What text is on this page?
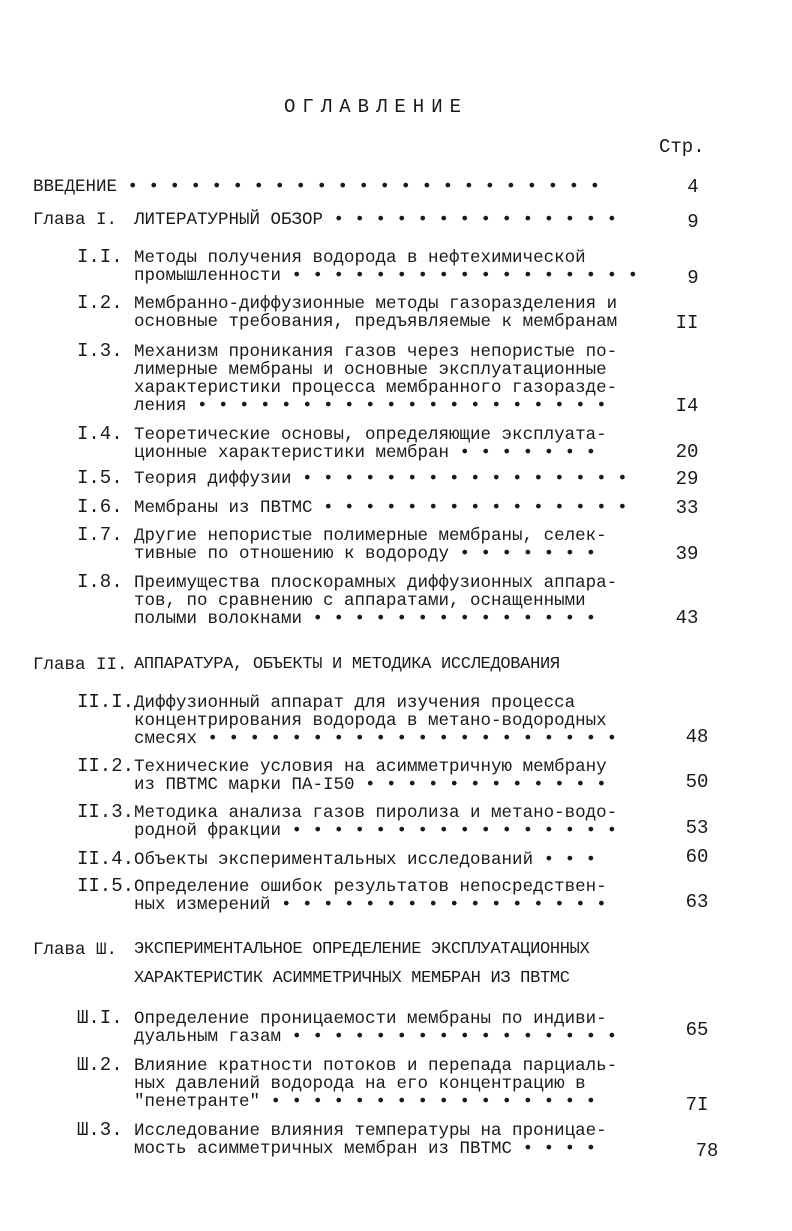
ОГЛАВЛЕНИЕ
Стр.
ВВЕДЕНИЕ • • • • • • • • • • • • • • • • • • • • • • •	4
Глава I. ЛИТЕРАТУРНЫЙ ОБЗОР • • • • • • • • • • • • • •	9
I.I. Методы получения водорода в нефтехимической
промышленности • • • • • • • • • • • • • • • • •	9
I.2. Мембранно-диффузионные методы газоразделения и
основные требования, предъявляемые к мембранам	II
I.3. Механизм проникания газов через непористые по-
лимерные мембраны и основные эксплуатационные
характеристики процесса мембранного газоразде-
ления • • • • • • • • • • • • • • • • • • • •	I4
I.4. Теоретические основы, определяющие эксплуата-
ционные характеристики мембран • • • • • • •	20
I.5. Теория диффузии • • • • • • • • • • • • • • • •	29
I.6. Мембраны из ПВТМС • • • • • • • • • • • • • • •	33
I.7. Другие непористые полимерные мембраны, селек-
тивные по отношению к водороду • • • • • • •	39
I.8. Преимущества плоскорамных диффузионных аппара-
тов, по сравнению с аппаратами, оснащенными
полыми волокнами • • • • • • • • • • • • • •	43
Глава II. АППАРАТУРА, ОБЪЕКТЫ И МЕТОДИКА ИССЛЕДОВАНИЯ
II.I. Диффузионный аппарат для изучения процесса
концентрирования водорода в метано-водородных
смесях • • • • • • • • • • • • • • • • • • • •	48
II.2. Технические условия на асимметричную мембрану
из ПВТМС марки ПА-I50 • • • • • • • • • • • •	50
II.3. Методика анализа газов пиролиза и метано-водо-
родной фракции • • • • • • • • • • • • • • • •	53
II.4. Объекты экспериментальных исследований • • •	60
II.5. Определение ошибок результатов непосредствен-
ных измерений • • • • • • • • • • • • • • • •	63
Глава Ш. ЭКСПЕРИМЕНТАЛЬНОЕ ОПРЕДЕЛЕНИЕ ЭКСПЛУАТАЦИОННЫХ
ХАРАКТЕРИСТИК АСИММЕТРИЧНЫХ МЕМБРАН ИЗ ПВТМС
Ш.I. Определение проницаемости мембраны по индиви-
дуальным газам • • • • • • • • • • • • • • • •	65
Ш.2. Влияние кратности потоков и перепада парциаль-
ных давлений водорода на его концентрацию в
"пенетранте" • • • • • • • • • • • • • • • •	7I
Ш.3. Исследование влияния температуры на проницае-
мость асимметричных мембран из ПВТМС • • • •	78
